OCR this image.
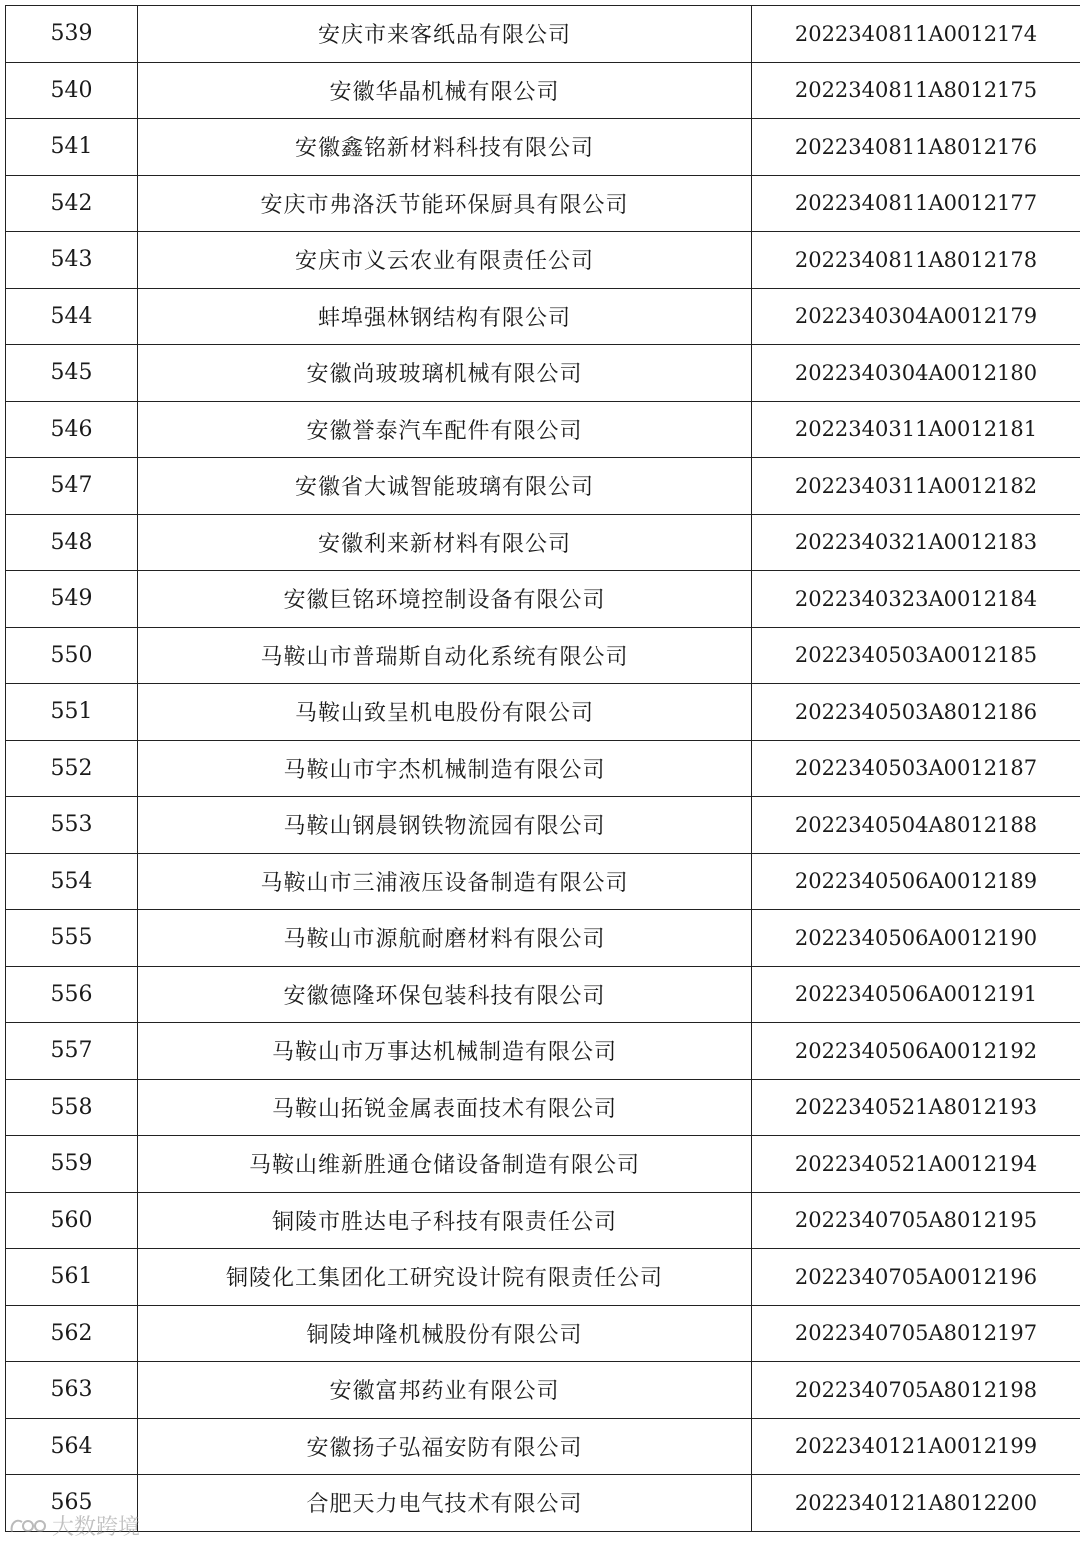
539	安庆市来客纸品有限公司	2022340811A0012174
540	安徽华晶机械有限公司	2022340811A8012175
541	安徽鑫铭新材料科技有限公司	2022340811A8012176
542	安庆市弗洛沃节能环保厨具有限公司	2022340811A0012177
543	安庆市义云农业有限责任公司	2022340811A8012178
544	蚌埠强林钢结构有限公司	2022340304A0012179
545	安徽尚玻玻璃机械有限公司	2022340304A0012180
546	安徽誉泰汽车配件有限公司	2022340311A0012181
547	安徽省大诚智能玻璃有限公司	2022340311A0012182
548	安徽利来新材料有限公司	2022340321A0012183
549	安徽巨铭环境控制设备有限公司	2022340323A0012184
550	马鞍山市普瑞斯自动化系统有限公司	2022340503A0012185
551	马鞍山致呈机电股份有限公司	2022340503A8012186
552	马鞍山市宇杰机械制造有限公司	2022340503A0012187
553	马鞍山钢晨钢铁物流园有限公司	2022340504A8012188
554	马鞍山市三浦液压设备制造有限公司	2022340506A0012189
555	马鞍山市源航耐磨材料有限公司	2022340506A0012190
556	安徽德隆环保包装科技有限公司	2022340506A0012191
557	马鞍山市万事达机械制造有限公司	2022340506A0012192
558	马鞍山拓锐金属表面技术有限公司	2022340521A8012193
559	马鞍山维新胜通仓储设备制造有限公司	2022340521A0012194
560	铜陵市胜达电子科技有限责任公司	2022340705A8012195
561	铜陵化工集团化工研究设计院有限责任公司	2022340705A0012196
562	铜陵坤隆机械股份有限公司	2022340705A8012197
563	安徽富邦药业有限公司	2022340705A8012198
564	安徽扬子弘福安防有限公司	2022340121A0012199
565	合肥天力电气技术有限公司	2022340121A8012200
大数跨境
